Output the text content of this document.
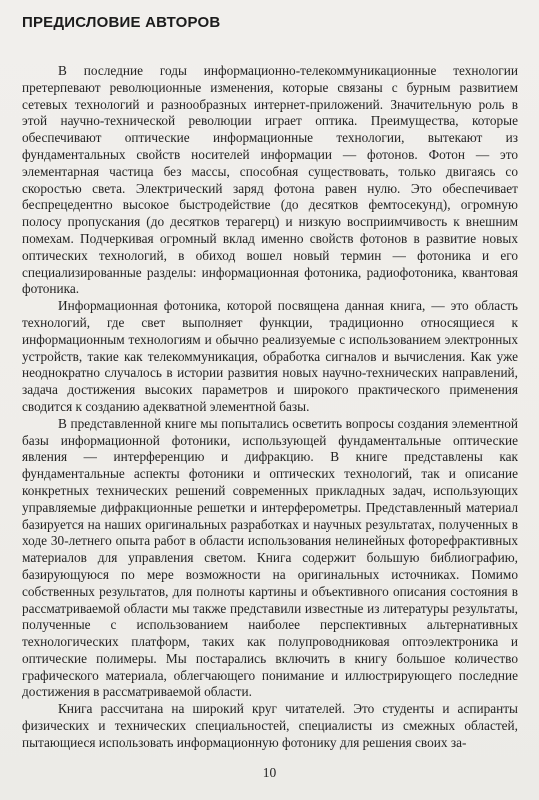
ПРЕДИСЛОВИЕ АВТОРОВ

В последние годы информационно-телекоммуникационные технологии претерпевают революционные изменения, которые связаны с бурным развитием сетевых технологий и разнообразных интернет-приложений. Значительную роль в этой научно-технической революции играет оптика. Преимущества, которые обеспечивают оптические информационные технологии, вытекают из фундаментальных свойств носителей информации — фотонов. Фотон — это элементарная частица без массы, способная существовать, только двигаясь со скоростью света. Электрический заряд фотона равен нулю. Это обеспечивает беспрецедентно высокое быстродействие (до десятков фемтосекунд), огромную полосу пропускания (до десятков терагерц) и низкую восприимчивость к внешним помехам. Подчеркивая огромный вклад именно свойств фотонов в развитие новых оптических технологий, в обиход вошел новый термин — фотоника и его специализированные разделы: информационная фотоника, радиофотоника, квантовая фотоника.

Информационная фотоника, которой посвящена данная книга, — это область технологий, где свет выполняет функции, традиционно относящиеся к информационным технологиям и обычно реализуемые с использованием электронных устройств, такие как телекоммуникация, обработка сигналов и вычисления. Как уже неоднократно случалось в истории развития новых научно-технических направлений, задача достижения высоких параметров и широкого практического применения сводится к созданию адекватной элементной базы.

В представленной книге мы попытались осветить вопросы создания элементной базы информационной фотоники, использующей фундаментальные оптические явления — интерференцию и дифракцию. В книге представлены как фундаментальные аспекты фотоники и оптических технологий, так и описание конкретных технических решений современных прикладных задач, использующих управляемые дифракционные решетки и интерферометры. Представленный материал базируется на наших оригинальных разработках и научных результатах, полученных в ходе 30-летнего опыта работ в области использования нелинейных фоторефрактивных материалов для управления светом. Книга содержит большую библиографию, базирующуюся по мере возможности на оригинальных источниках. Помимо собственных результатов, для полноты картины и объективного описания состояния в рассматриваемой области мы также представили известные из литературы результаты, полученные с использованием наиболее перспективных альтернативных технологических платформ, таких как полупроводниковая оптоэлектроника и оптические полимеры. Мы постарались включить в книгу большое количество графического материала, облегчающего понимание и иллюстрирующего последние достижения в рассматриваемой области.

Книга рассчитана на широкий круг читателей. Это студенты и аспиранты физических и технических специальностей, специалисты из смежных областей, пытающиеся использовать информационную фотонику для решения своих за-

10
